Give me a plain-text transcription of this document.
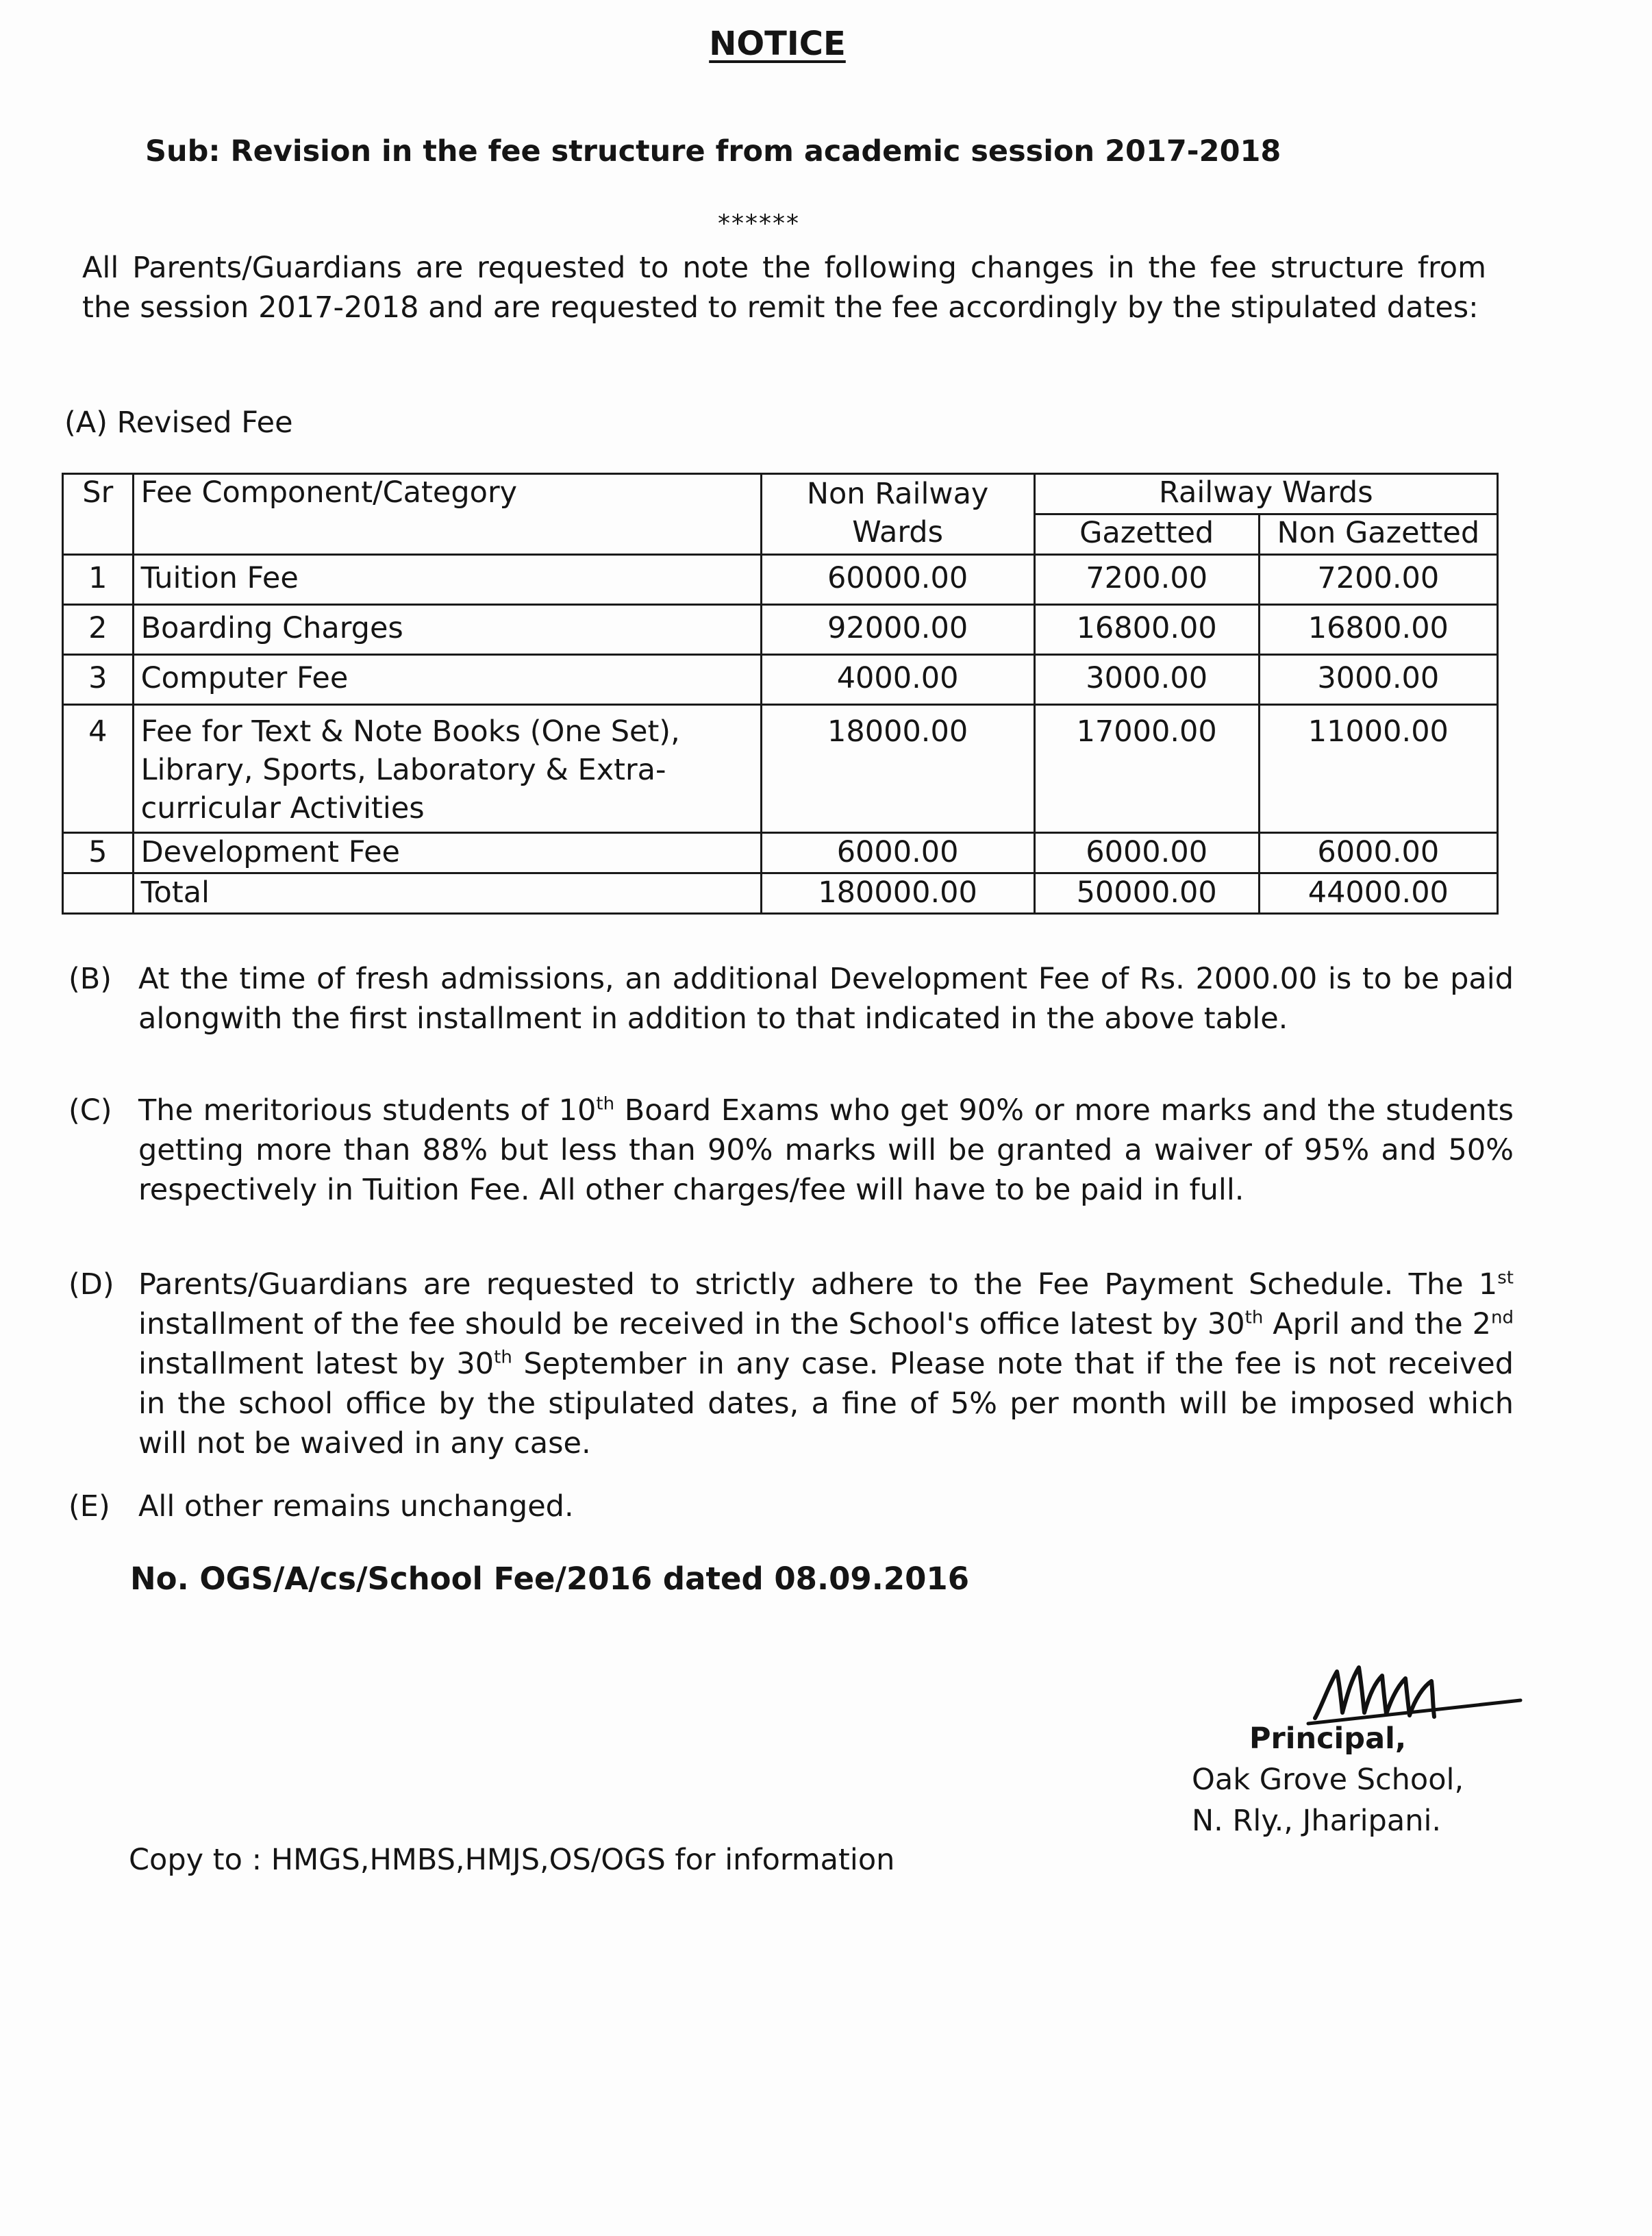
NOTICE
Sub: Revision in the fee structure from academic session 2017-2018
******
All Parents/Guardians are requested to note the following changes in the fee structure from the session 2017-2018 and are requested to remit the fee accordingly by the stipulated dates:
(A) Revised Fee
Sr	Fee Component/Category	Non Railway Wards	Railway Wards	
			Gazetted	Non Gazetted
1	Tuition Fee	60000.00	7200.00	7200.00
2	Boarding Charges	92000.00	16800.00	16800.00
3	Computer Fee	4000.00	3000.00	3000.00
4	Fee for Text & Note Books (One Set), Library, Sports, Laboratory & Extra-curricular Activities	18000.00	17000.00	11000.00
5	Development Fee	6000.00	6000.00	6000.00
	Total	180000.00	50000.00	44000.00
(B) At the time of fresh admissions, an additional Development Fee of Rs. 2000.00 is to be paid alongwith the first installment in addition to that indicated in the above table.
(C) The meritorious students of 10th Board Exams who get 90% or more marks and the students getting more than 88% but less than 90% marks will be granted a waiver of 95% and 50% respectively in Tuition Fee. All other charges/fee will have to be paid in full.
(D) Parents/Guardians are requested to strictly adhere to the Fee Payment Schedule. The 1st installment of the fee should be received in the School's office latest by 30th April and the 2nd installment latest by 30th September in any case. Please note that if the fee is not received in the school office by the stipulated dates, a fine of 5% per month will be imposed which will not be waived in any case.
(E) All other remains unchanged.
No. OGS/A/cs/School Fee/2016 dated 08.09.2016
Principal,
Oak Grove School,
N. Rly., Jharipani.
Copy to : HMGS,HMBS,HMJS,OS/OGS for information
